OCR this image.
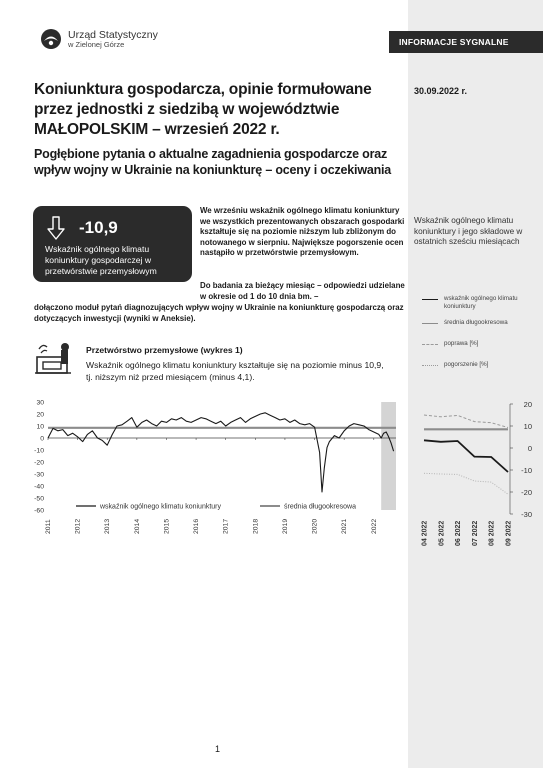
INFORMACJE SYGNALNE
Urząd Statystyczny
w Zielonej Górze
30.09.2022 r.
Koniunktura gospodarcza, opinie formułowane przez jednostki z siedzibą w województwie MAŁOPOLSKIM – wrzesień 2022 r.
Pogłębione pytania o aktualne zagadnienia gospodarcze oraz wpływ wojny w Ukrainie na koniunkturę – oceny i oczekiwania
-10,9
Wskaźnik ogólnego klimatu koniunktury gospodarczej w przetwórstwie przemysłowym

We wrześniu wskaźnik ogólnego klimatu koniunktury we wszystkich prezentowanych obszarach gospodarki kształtuje się na poziomie niższym lub zbliżonym do notowanego w sierpniu. Największe pogorszenie ocen nastąpiło w przetwórstwie przemysłowym.

Do badania za bieżący miesiąc – odpowiedzi udzielane w okresie od 1 do 10 dnia bm. –

dołączono moduł pytań diagnozujących wpływ wojny w Ukrainie na koniunkturę gospodarczą oraz dotyczących inwestycji (wyniki w Aneksie).

Wskaźnik ogólnego klimatu koniunktury i jego składowe w ostatnich sześciu miesiącach

wskaźnik ogólnego klimatu koniunktury
średnia długookresowa
poprawa [%]
pogorszenie [%]
Przetwórstwo przemysłowe (wykres 1)
Wskaźnik ogólnego klimatu koniunktury kształtuje się na poziomie minus 10,9, tj. niższym niż przed miesiącem (minus 4,1).
30
20
10
0
-10
-20
-30
-40
-50
-60
2011	2012	2013	2014	2015	2016	2017	2018	2019	2020	2021	2022
wskaźnik ogólnego klimatu koniunktury	średnia długookresowa
20
10
0
-10
-20
-30
04 2022 05 2022 06 2022 07 2022 08 2022 09 2022
1
